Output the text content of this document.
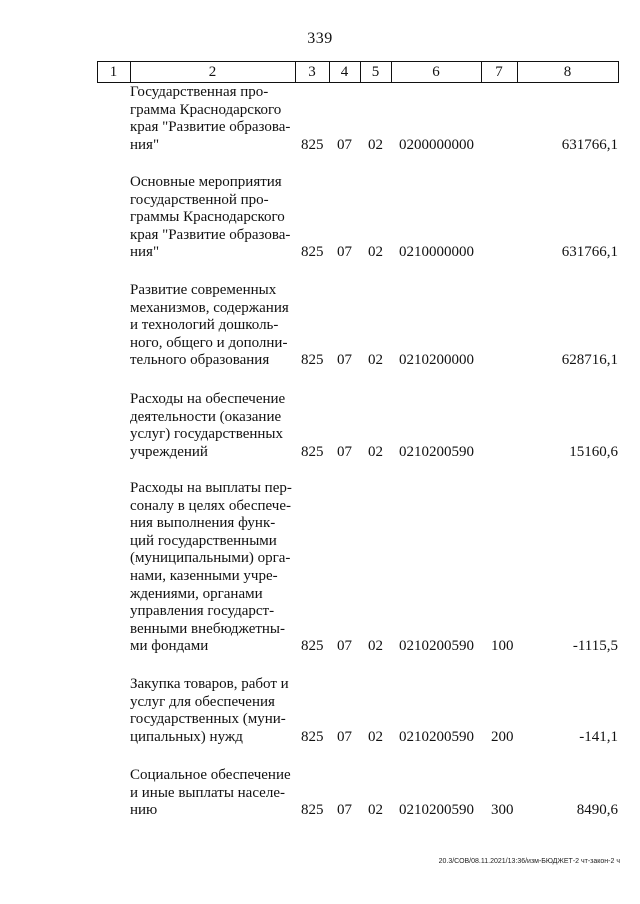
339
1	2	3	4	5	6	7	8
Государственная про-
грамма Краснодарского
края "Развитие образова-
ния"	825 07 02 0200000000	631766,1
Основные мероприятия
государственной про-
граммы Краснодарского
края "Развитие образова-
ния"	825 07 02 0210000000	631766,1
Развитие современных
механизмов, содержания
и технологий дошколь-
ного, общего и дополни-
тельного образования	825 07 02 0210200000	628716,1
Расходы на обеспечение
деятельности (оказание
услуг) государственных
учреждений	825 07 02 0210200590	15160,6
Расходы на выплаты пер-
соналу в целях обеспече-
ния выполнения функ-
ций государственными
(муниципальными) орга-
нами, казенными учре-
ждениями, органами
управления государст-
венными внебюджетны-
ми фондами	825 07 02 0210200590 100	-1115,5
Закупка товаров, работ и
услуг для обеспечения
государственных (муни-
ципальных) нужд	825 07 02 0210200590 200	-141,1
Социальное обеспечение
и иные выплаты населе-
нию	825 07 02 0210200590 300	8490,6
20.3/СОВ/08.11.2021/13:36/изм-БЮДЖЕТ-2 чт-закон-2 ч
